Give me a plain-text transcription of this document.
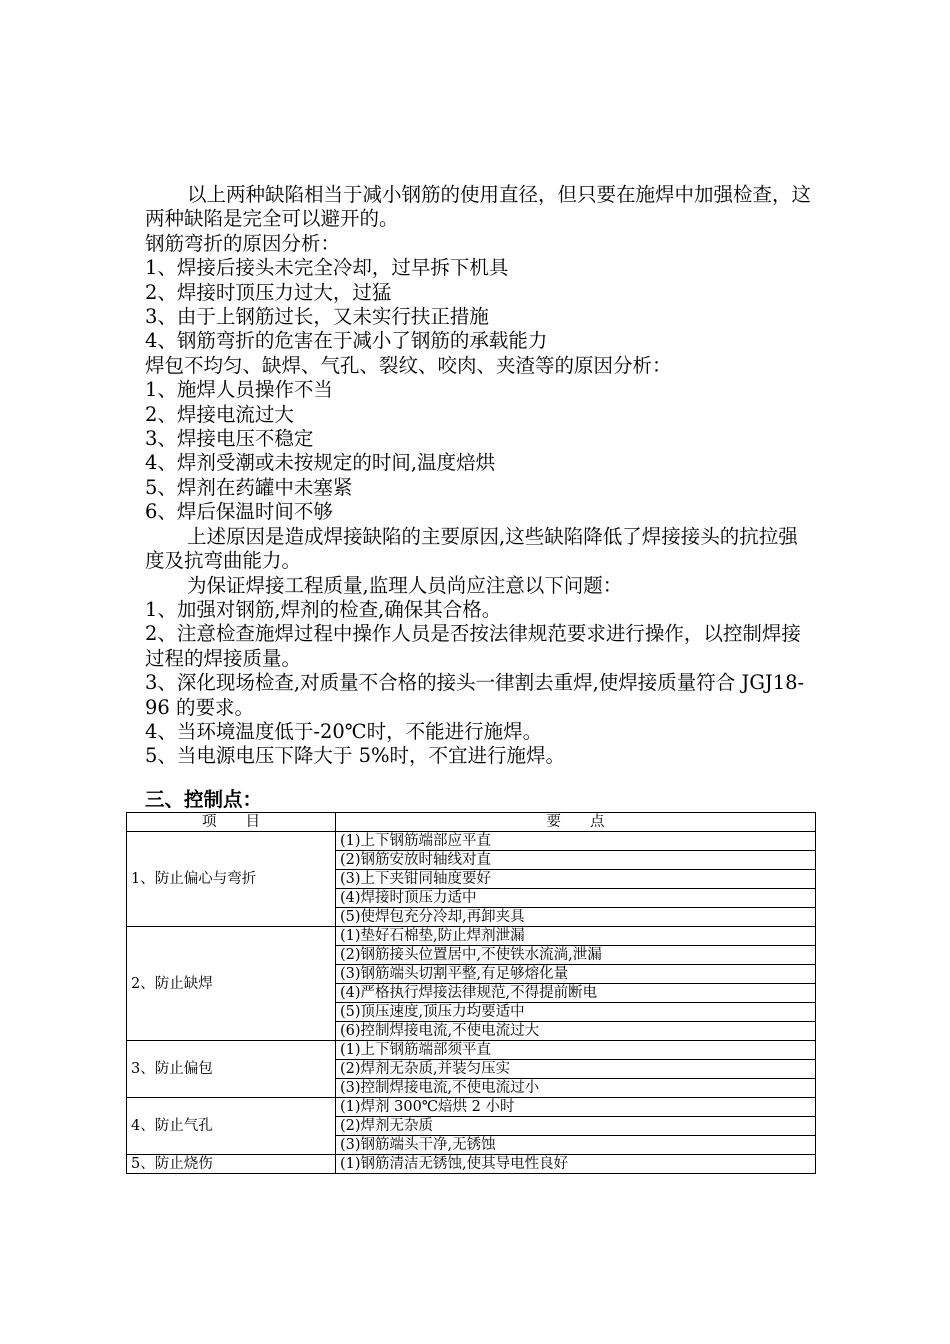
以上两种缺陷相当于减小钢筋的使用直径，但只要在施焊中加强检查，这两种缺陷是完全可以避开的。

钢筋弯折的原因分析：

1、焊接后接头未完全冷却，过早拆下机具

2、焊接时顶压力过大，过猛

3、由于上钢筋过长，又未实行扶正措施

4、钢筋弯折的危害在于减小了钢筋的承载能力

焊包不均匀、缺焊、气孔、裂纹、咬肉、夹渣等的原因分析：

1、施焊人员操作不当

2、焊接电流过大

3、焊接电压不稳定

4、焊剂受潮或未按规定的时间,温度焙烘

5、焊剂在药罐中未塞紧

6、焊后保温时间不够

上述原因是造成焊接缺陷的主要原因,这些缺陷降低了焊接接头的抗拉强度及抗弯曲能力。

为保证焊接工程质量,监理人员尚应注意以下问题：

1、加强对钢筋,焊剂的检查,确保其合格。

2、注意检查施焊过程中操作人员是否按法律规范要求进行操作，以控制焊接过程的焊接质量。

3、深化现场检查,对质量不合格的接头一律割去重焊,使焊接质量符合 JGJ18-96 的要求。

4、当环境温度低于-20℃时，不能进行施焊。

5、当电源电压下降大于 5%时，不宜进行施焊。

三、控制点：
项　　目	要　　点
1、防止偏心与弯折	(1)上下钢筋端部应平直
	(2)钢筋安放时轴线对直
	(3)上下夹钳同轴度要好
	(4)焊接时顶压力适中
	(5)使焊包充分冷却,再卸夹具
2、防止缺焊	(1)垫好石棉垫,防止焊剂泄漏
	(2)钢筋接头位置居中,不使铁水流淌,泄漏
	(3)钢筋端头切割平整,有足够熔化量
	(4)严格执行焊接法律规范,不得提前断电
	(5)顶压速度,顶压力均要适中
	(6)控制焊接电流,不使电流过大
3、防止偏包	(1)上下钢筋端部须平直
	(2)焊剂无杂质,并装匀压实
	(3)控制焊接电流,不使电流过小
4、防止气孔	(1)焊剂 300℃焙烘 2 小时
	(2)焊剂无杂质
	(3)钢筋端头干净,无锈蚀
5、防止烧伤	(1)钢筋清洁无锈蚀,使其导电性良好
